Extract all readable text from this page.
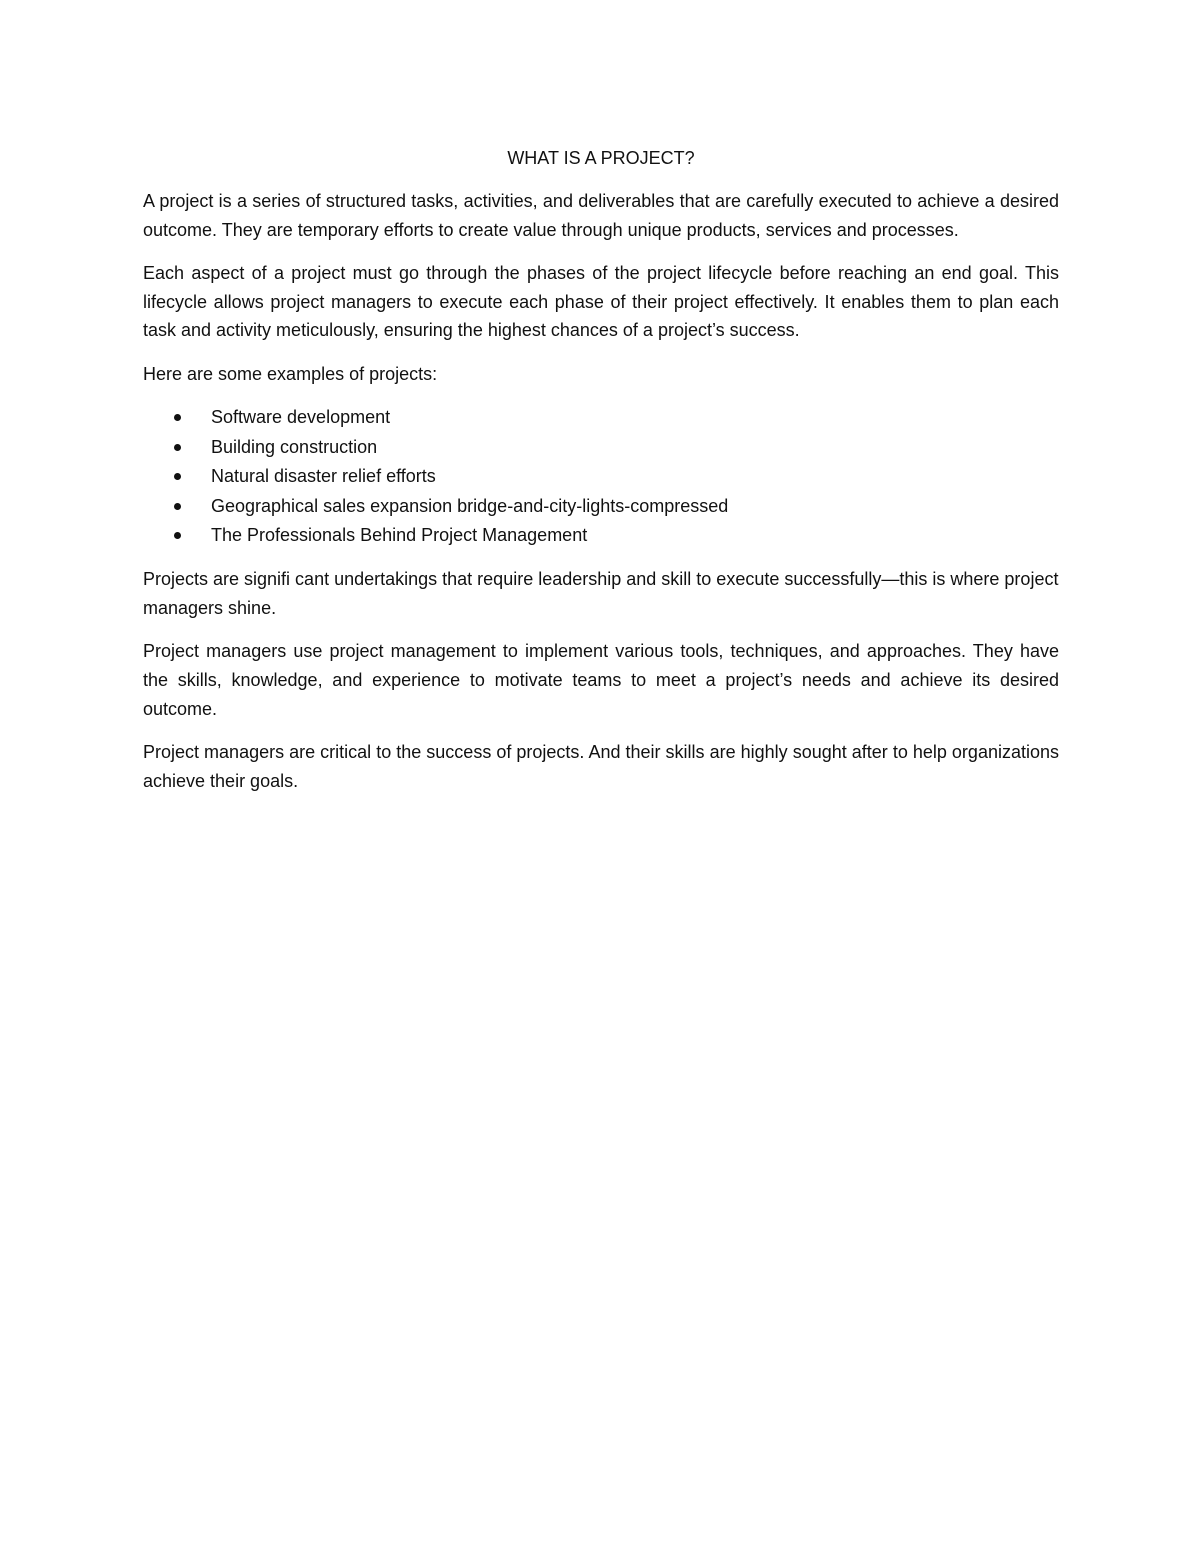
WHAT IS A PROJECT?

A project is a series of structured tasks, activities, and deliverables that are carefully executed to achieve a desired outcome. They are temporary efforts to create value through unique products, services and processes.

Each aspect of a project must go through the phases of the project lifecycle before reaching an end goal. This lifecycle allows project managers to execute each phase of their project effectively. It enables them to plan each task and activity meticulously, ensuring the highest chances of a project’s success.

Here are some examples of projects:

Software development
Building construction
Natural disaster relief efforts
Geographical sales expansion bridge-and-city-lights-compressed
The Professionals Behind Project Management

Projects are signifi cant undertakings that require leadership and skill to execute successfully—this is where project managers shine.

Project managers use project management to implement various tools, techniques, and approaches. They have the skills, knowledge, and experience to motivate teams to meet a project’s needs and achieve its desired outcome.

Project managers are critical to the success of projects. And their skills are highly sought after to help organizations achieve their goals.
